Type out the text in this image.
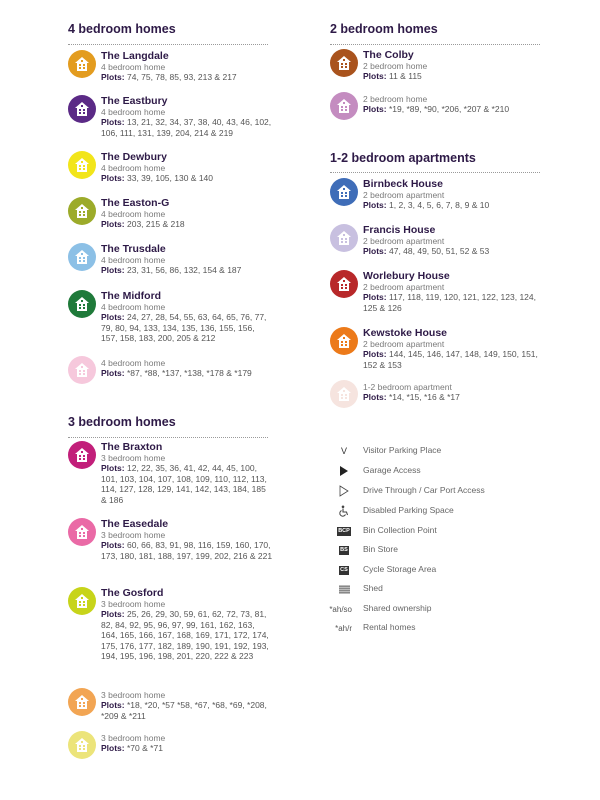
4 bedroom homes
The Langdale
4 bedroom home
Plots: 74, 75, 78, 85, 93, 213 & 217
The Eastbury
4 bedroom home
Plots: 13, 21, 32, 34, 37, 38, 40, 43, 46, 102, 106, 111, 131, 139, 204, 214 & 219
The Dewbury
4 bedroom home
Plots: 33, 39, 105, 130 & 140
The Easton-G
4 bedroom home
Plots: 203, 215 & 218
The Trusdale
4 bedroom home
Plots: 23, 31, 56, 86, 132, 154 & 187
The Midford
4 bedroom home
Plots: 24, 27, 28, 54, 55, 63, 64, 65, 76, 77, 79, 80, 94, 133, 134, 135, 136, 155, 156, 157, 158, 183, 200, 205 & 212
4 bedroom home
Plots: *87, *88, *137, *138, *178 & *179
3 bedroom homes
The Braxton
3 bedroom home
Plots: 12, 22, 35, 36, 41, 42, 44, 45, 100, 101, 103, 104, 107, 108, 109, 110, 112, 113, 114, 127, 128, 129, 141, 142, 143, 184, 185 & 186
The Easedale
3 bedroom home
Plots: 60, 66, 83, 91, 98, 116, 159, 160, 170, 173, 180, 181, 188, 197, 199, 202, 216 & 221
The Gosford
3 bedroom home
Plots: 25, 26, 29, 30, 59, 61, 62, 72, 73, 81, 82, 84, 92, 95, 96, 97, 99, 161, 162, 163, 164, 165, 166, 167, 168, 169, 171, 172, 174, 175, 176, 177, 182, 189, 190, 191, 192, 193, 194, 195, 196, 198, 201, 220, 222 & 223
3 bedroom home
Plots: *18, *20, *57 *58, *67, *68, *69, *208, *209 & *211
3 bedroom home
Plots: *70 & *71
2 bedroom homes
The Colby
2 bedroom home
Plots: 11 & 115
2 bedroom home
Plots: *19, *89, *90, *206, *207 & *210
1-2 bedroom apartments
Birnbeck House
2 bedroom apartment
Plots: 1, 2, 3, 4, 5, 6, 7, 8, 9 & 10
Francis House
2 bedroom apartment
Plots: 47, 48, 49, 50, 51, 52 & 53
Worlebury House
2 bedroom apartment
Plots: 117, 118, 119, 120, 121, 122, 123, 124, 125 & 126
Kewstoke House
2 bedroom apartment
Plots: 144, 145, 146, 147, 148, 149, 150, 151, 152 & 153
1-2 bedroom apartment
Plots: *14, *15, *16 & *17
V Visitor Parking Place
Garage Access
Drive Through / Car Port Access
Disabled Parking Space
BCP Bin Collection Point
BS Bin Store
CS Cycle Storage Area
Shed
*ah/so Shared ownership
*ah/r Rental homes
